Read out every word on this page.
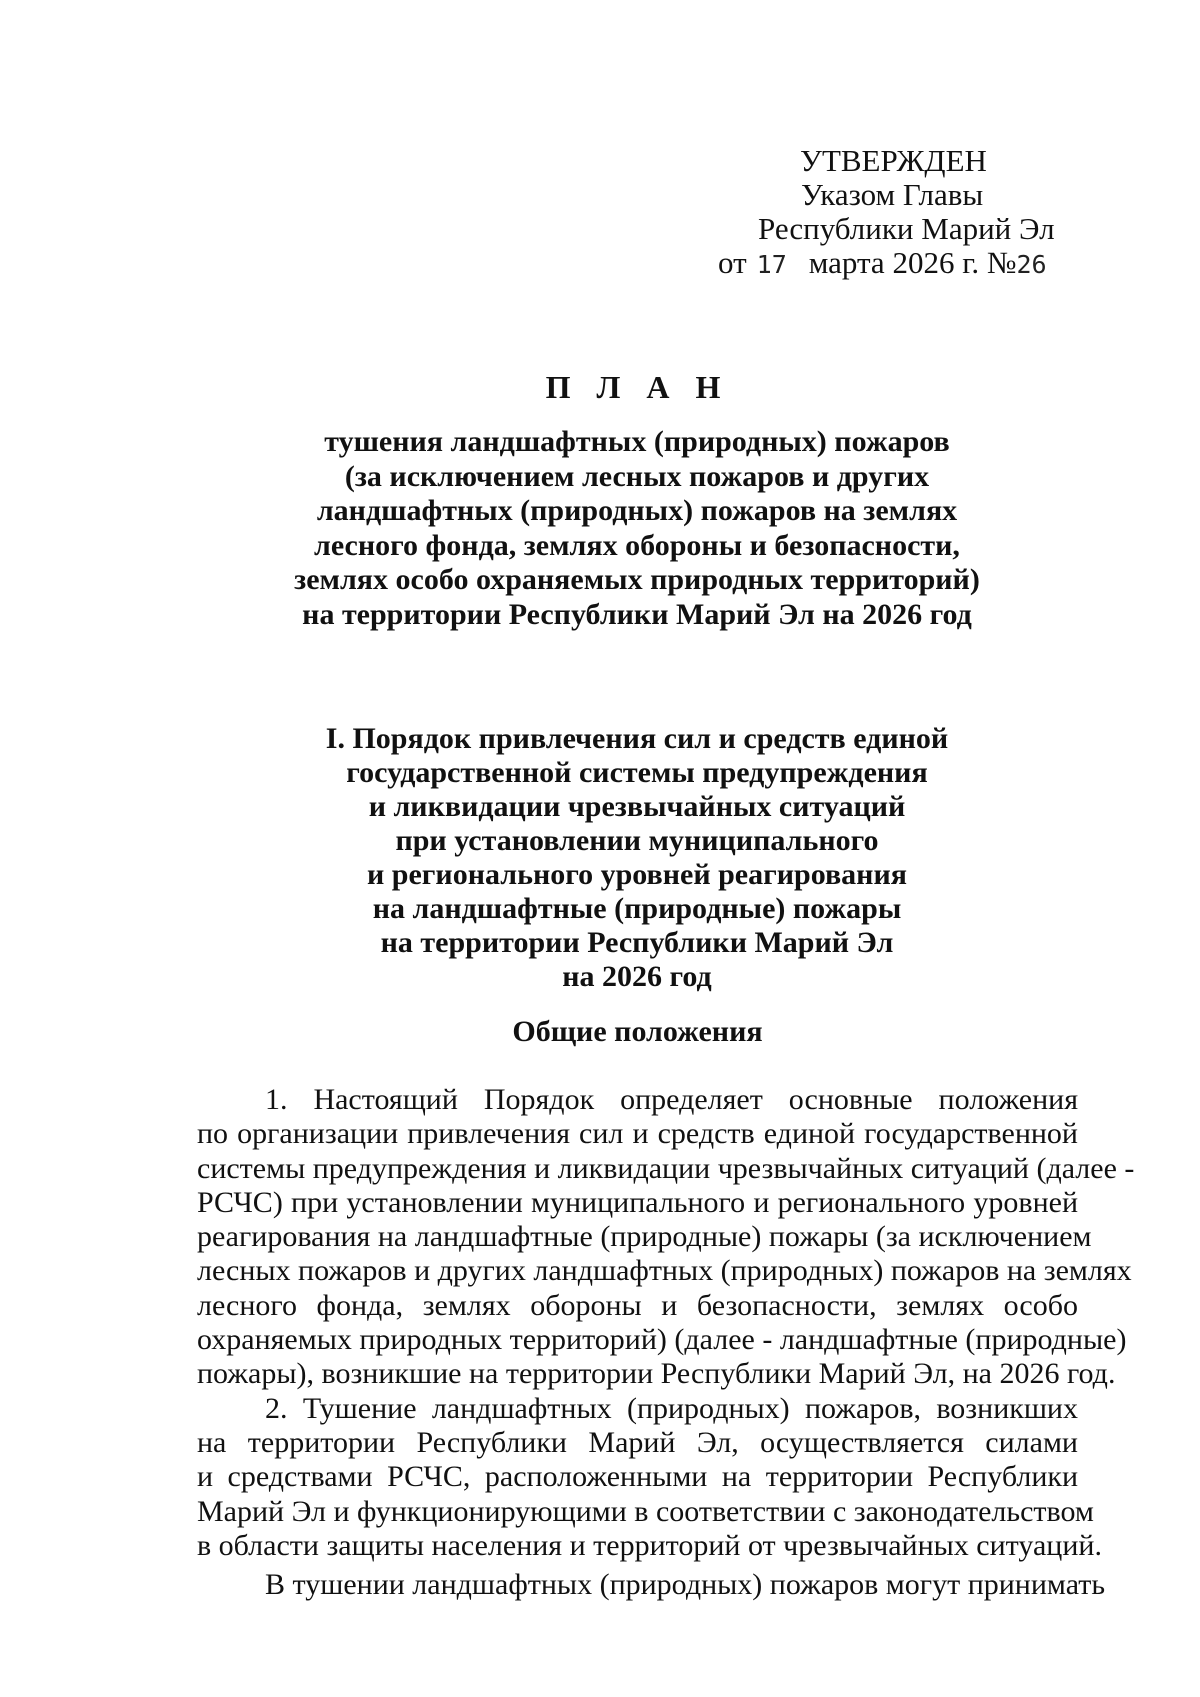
УТВЕРЖДЕН
Указом Главы
Республики Марий Эл
от 17 марта 2026 г. №26
П Л А Н
тушения ландшафтных (природных) пожаров
(за исключением лесных пожаров и других
ландшафтных (природных) пожаров на землях
лесного фонда, землях обороны и безопасности,
землях особо охраняемых природных территорий)
на территории Республики Марий Эл на 2026 год
I. Порядок привлечения сил и средств единой
государственной системы предупреждения
и ликвидации чрезвычайных ситуаций
при установлении муниципального
и регионального уровней реагирования
на ландшафтные (природные) пожары
на территории Республики Марий Эл
на 2026 год
Общие положения
1. Настоящий Порядок определяет основные положения
по организации привлечения сил и средств единой государственной
системы предупреждения и ликвидации чрезвычайных ситуаций (далее -
РСЧС) при установлении муниципального и регионального уровней
реагирования на ландшафтные (природные) пожары (за исключением
лесных пожаров и других ландшафтных (природных) пожаров на землях
лесного фонда, землях обороны и безопасности, землях особо
охраняемых природных территорий) (далее - ландшафтные (природные)
пожары), возникшие на территории Республики Марий Эл, на 2026 год.
2. Тушение ландшафтных (природных) пожаров, возникших
на территории Республики Марий Эл, осуществляется силами
и средствами РСЧС, расположенными на территории Республики
Марий Эл и функционирующими в соответствии с законодательством
в области защиты населения и территорий от чрезвычайных ситуаций.
В тушении ландшафтных (природных) пожаров могут принимать
